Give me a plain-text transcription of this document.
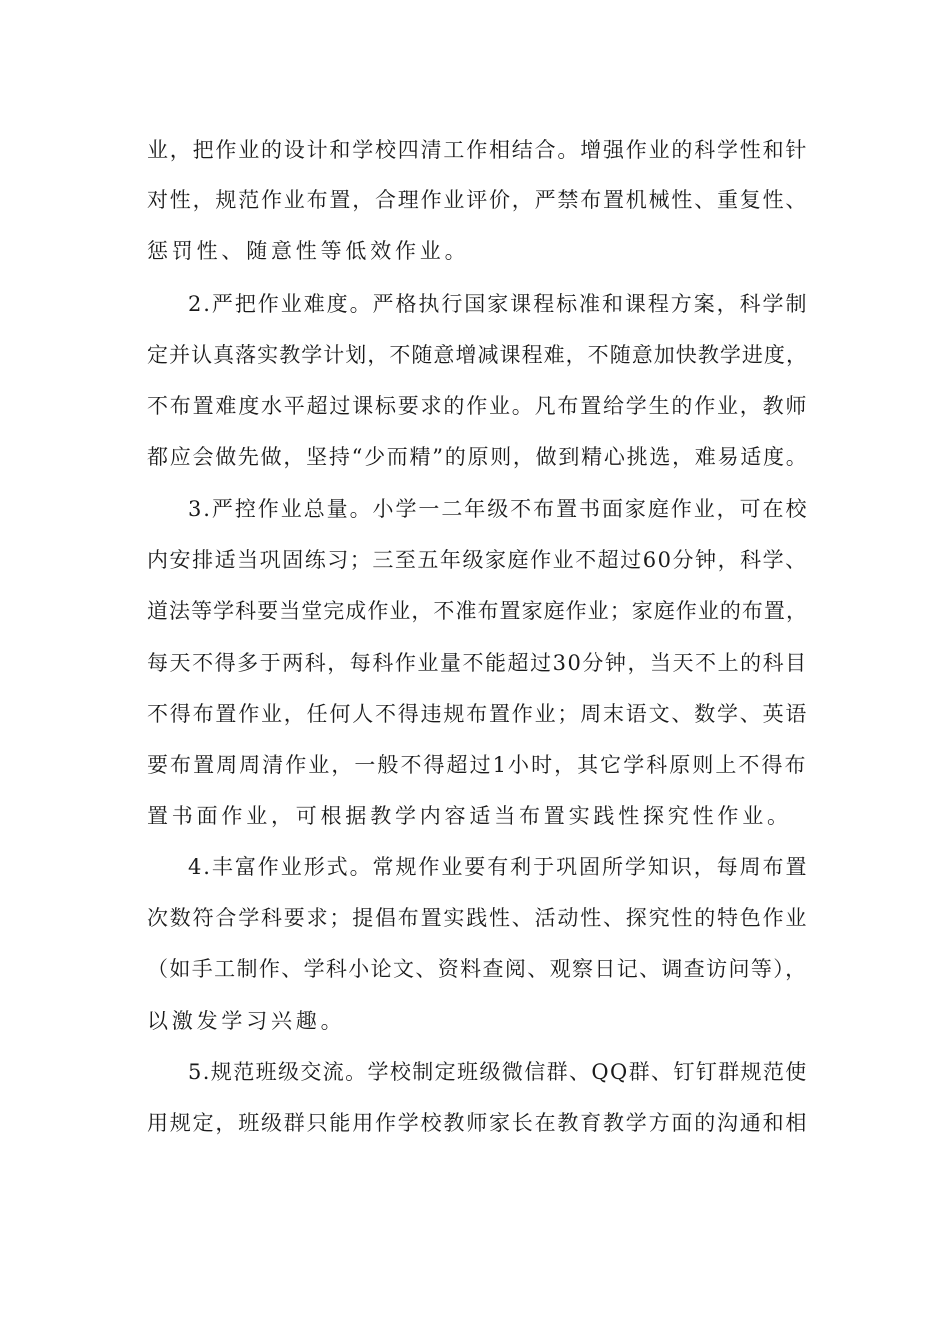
业，把作业的设计和学校四清工作相结合。增强作业的科学性和针
对性，规范作业布置，合理作业评价，严禁布置机械性、重复性、
惩罚性、随意性等低效作业。
2.严把作业难度。严格执行国家课程标准和课程方案，科学制
定并认真落实教学计划，不随意增减课程难，不随意加快教学进度，
不布置难度水平超过课标要求的作业。凡布置给学生的作业，教师
都应会做先做，坚持“少而精”的原则，做到精心挑选，难易适度。
3.严控作业总量。小学一二年级不布置书面家庭作业，可在校
内安排适当巩固练习；三至五年级家庭作业不超过60分钟，科学、
道法等学科要当堂完成作业，不准布置家庭作业；家庭作业的布置，
每天不得多于两科，每科作业量不能超过30分钟，当天不上的科目
不得布置作业，任何人不得违规布置作业；周末语文、数学、英语
要布置周周清作业，一般不得超过1小时，其它学科原则上不得布
置书面作业，可根据教学内容适当布置实践性探究性作业。
4.丰富作业形式。常规作业要有利于巩固所学知识，每周布置
次数符合学科要求；提倡布置实践性、活动性、探究性的特色作业
（如手工制作、学科小论文、资料查阅、观察日记、调查访问等），
以激发学习兴趣。
5.规范班级交流。学校制定班级微信群、QQ群、钉钉群规范使
用规定，班级群只能用作学校教师家长在教育教学方面的沟通和相
